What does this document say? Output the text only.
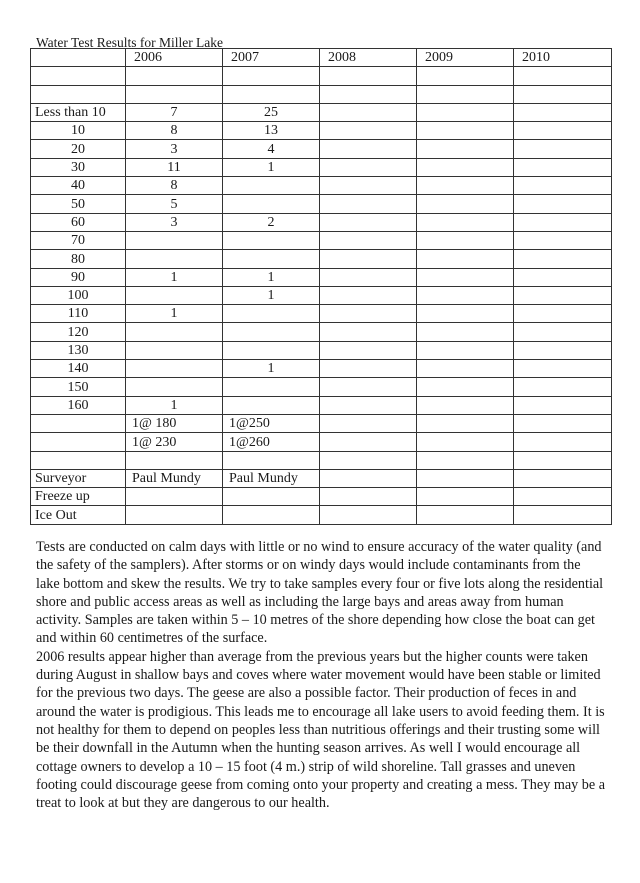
Water Test Results for Miller Lake
	2006	2007	2008	2009	2010

Less than 10	7	25			
10	8	13			
20	3	4			
30	11	1			
40	8				
50	5				
60	3	2			
70					
80					
90	1	1			
100		1			
110	1				
120					
130					
140		1			
150					
160	1				
	1@ 180	1@250			
	1@ 230	1@260			

Surveyor	Paul Mundy	Paul Mundy			
Freeze up					
Ice Out					

Tests are conducted on calm days with little or no wind to ensure accuracy of the water quality (and the safety of the samplers). After storms or on windy days would include contaminants from the lake bottom and skew the results. We try to take samples every four or five lots along the residential shore and public access areas as well as including the large bays and areas away from human activity. Samples are taken within 5 – 10 metres of the shore depending how close the boat can get and within 60 centimetres of the surface.

2006 results appear higher than average from the previous years but the higher counts were taken during August in shallow bays and coves where water movement would have been stable or limited for the previous two days. The geese are also a possible factor. Their production of feces in and around the water is prodigious. This leads me to encourage all lake users to avoid feeding them. It is not healthy for them to depend on peoples less than nutritious offerings and their trusting some will be their downfall in the Autumn when the hunting season arrives. As well I would encourage all cottage owners to develop a 10 – 15 foot (4 m.) strip of wild shoreline. Tall grasses and uneven footing could discourage geese from coming onto your property and creating a mess. They may be a treat to look at but they are dangerous to our health.
